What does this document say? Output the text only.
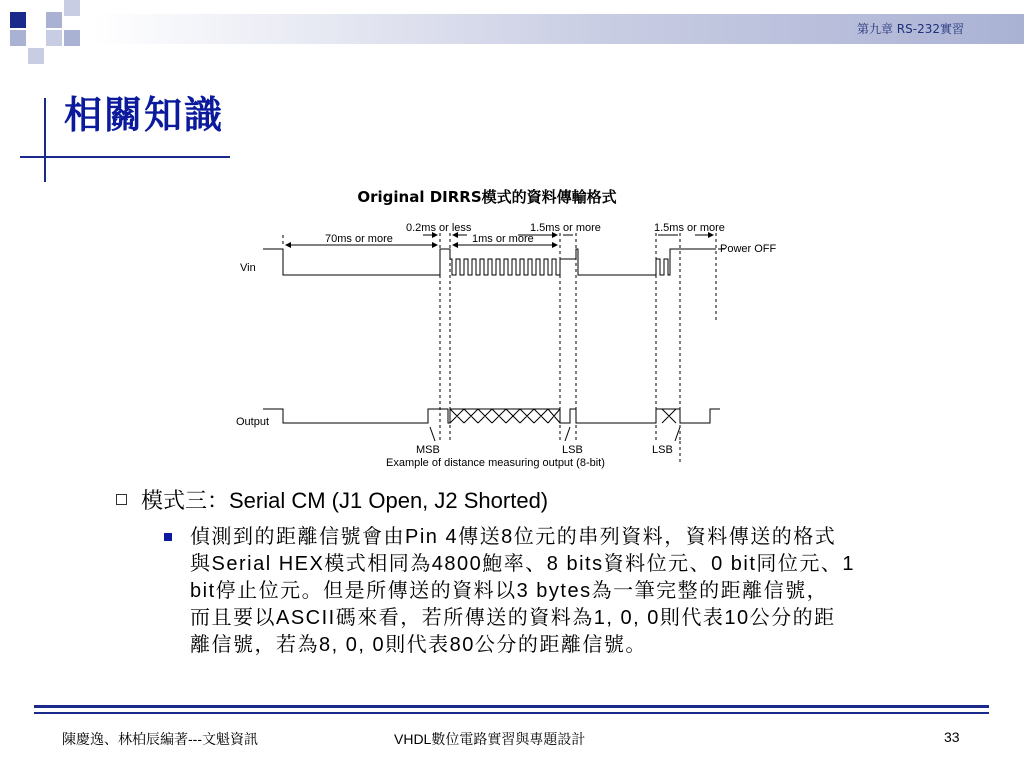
第九章 RS-232實習
相關知識
Original DIRRS模式的資料傳輸格式
Vin
Output
70ms or more
0.2ms or less
1ms or more
1.5ms or more	1.5ms or more
Power OFF
MSB	LSB	LSB
Example of distance measuring output (8-bit)
模式三：Serial CM (J1 Open, J2 Shorted)
偵測到的距離信號會由Pin 4傳送8位元的串列資料，資料傳送的格式
與Serial HEX模式相同為4800鮑率、8 bits資料位元、0 bit同位元、1
bit停止位元。但是所傳送的資料以3 bytes為一筆完整的距離信號，
而且要以ASCII碼來看，若所傳送的資料為1, 0, 0則代表10公分的距
離信號，若為8, 0, 0則代表80公分的距離信號。
陳慶逸、林柏辰編著---文魁資訊	VHDL數位電路實習與專題設計	33
